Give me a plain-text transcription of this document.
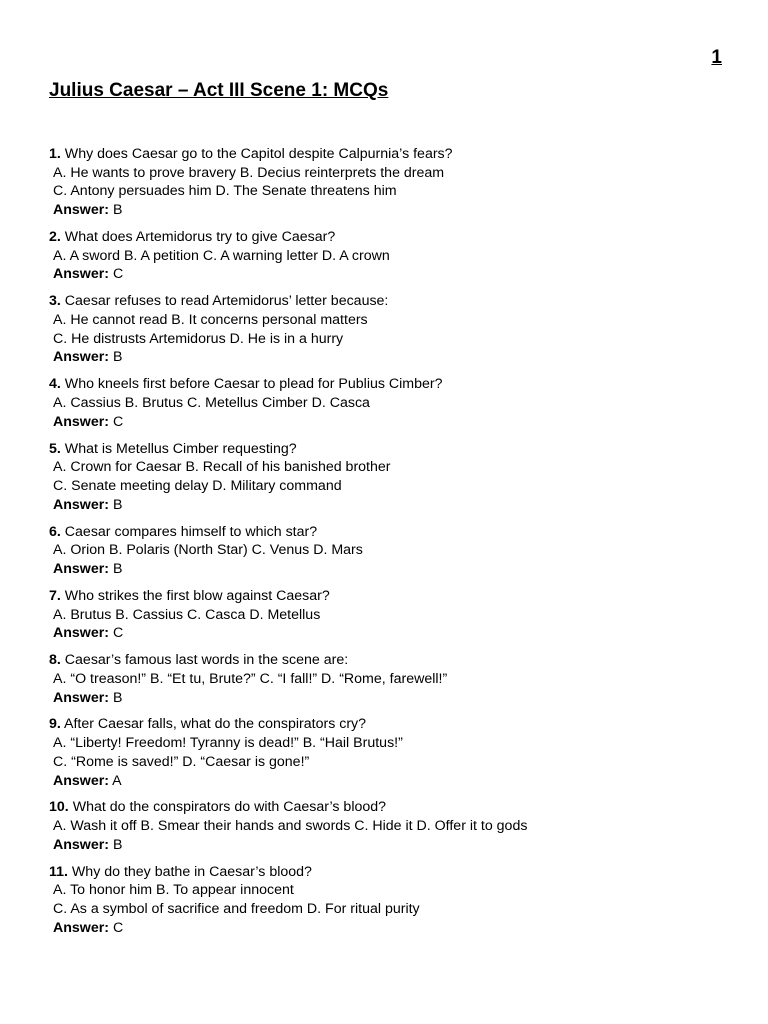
1
Julius Caesar – Act III Scene 1: MCQs
1. Why does Caesar go to the Capitol despite Calpurnia’s fears?
A. He wants to prove bravery B. Decius reinterprets the dream
C. Antony persuades him D. The Senate threatens him
Answer: B
2. What does Artemidorus try to give Caesar?
A. A sword B. A petition C. A warning letter D. A crown
Answer: C
3. Caesar refuses to read Artemidorus’ letter because:
A. He cannot read B. It concerns personal matters
C. He distrusts Artemidorus D. He is in a hurry
Answer: B
4. Who kneels first before Caesar to plead for Publius Cimber?
A. Cassius B. Brutus C. Metellus Cimber D. Casca
Answer: C
5. What is Metellus Cimber requesting?
A. Crown for Caesar B. Recall of his banished brother
C. Senate meeting delay D. Military command
Answer: B
6. Caesar compares himself to which star?
A. Orion B. Polaris (North Star) C. Venus D. Mars
Answer: B
7. Who strikes the first blow against Caesar?
A. Brutus B. Cassius C. Casca D. Metellus
Answer: C
8. Caesar’s famous last words in the scene are:
A. “O treason!” B. “Et tu, Brute?” C. “I fall!” D. “Rome, farewell!”
Answer: B
9. After Caesar falls, what do the conspirators cry?
A. “Liberty! Freedom! Tyranny is dead!” B. “Hail Brutus!”
C. “Rome is saved!” D. “Caesar is gone!”
Answer: A
10. What do the conspirators do with Caesar’s blood?
A. Wash it off B. Smear their hands and swords C. Hide it D. Offer it to gods
Answer: B
11. Why do they bathe in Caesar’s blood?
A. To honor him B. To appear innocent
C. As a symbol of sacrifice and freedom D. For ritual purity
Answer: C
